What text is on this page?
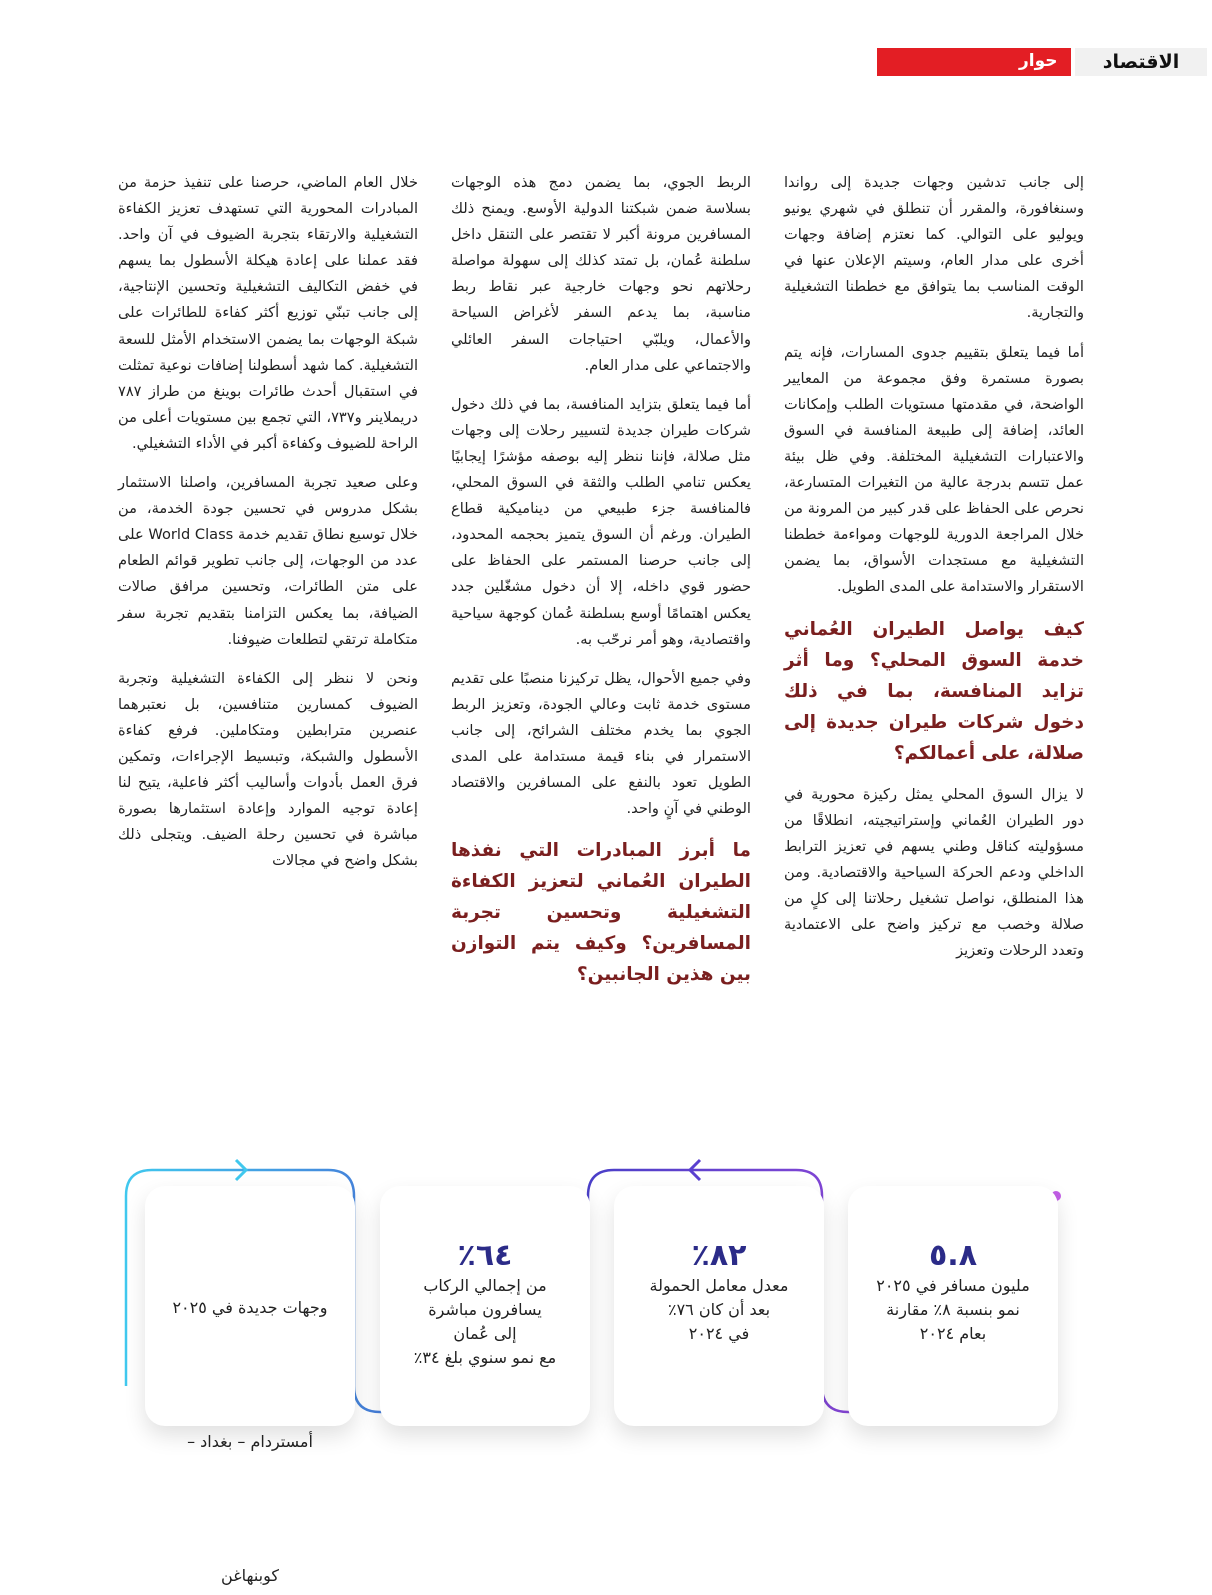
حوار	الاقتصاد

إلى جانب تدشين وجهات جديدة إلى رواندا وسنغافورة، والمقرر أن تنطلق في شهري يونيو ويوليو على التوالي. كما نعتزم إضافة وجهات أخرى على مدار العام، وسيتم الإعلان عنها في الوقت المناسب بما يتوافق مع خططنا التشغيلية والتجارية.

أما فيما يتعلق بتقييم جدوى المسارات، فإنه يتم بصورة مستمرة وفق مجموعة من المعايير الواضحة، في مقدمتها مستويات الطلب وإمكانات العائد، إضافة إلى طبيعة المنافسة في السوق والاعتبارات التشغيلية المختلفة. وفي ظل بيئة عمل تتسم بدرجة عالية من التغيرات المتسارعة، نحرص على الحفاظ على قدر كبير من المرونة من خلال المراجعة الدورية للوجهات ومواءمة خططنا التشغيلية مع مستجدات الأسواق، بما يضمن الاستقرار والاستدامة على المدى الطويل.

كيف يواصل الطيران العُماني خدمة السوق المحلي؟ وما أثر تزايد المنافسة، بما في ذلك دخول شركات طيران جديدة إلى صلالة، على أعمالكم؟

لا يزال السوق المحلي يمثل ركيزة محورية في دور الطيران العُماني وإستراتيجيته، انطلاقًا من مسؤوليته كناقل وطني يسهم في تعزيز الترابط الداخلي ودعم الحركة السياحية والاقتصادية. ومن هذا المنطلق، نواصل تشغيل رحلاتنا إلى كلٍ من صلالة وخصب مع تركيز واضح على الاعتمادية وتعدد الرحلات وتعزيز

الربط الجوي، بما يضمن دمج هذه الوجهات بسلاسة ضمن شبكتنا الدولية الأوسع. ويمنح ذلك المسافرين مرونة أكبر لا تقتصر على التنقل داخل سلطنة عُمان، بل تمتد كذلك إلى سهولة مواصلة رحلاتهم نحو وجهات خارجية عبر نقاط ربط مناسبة، بما يدعم السفر لأغراض السياحة والأعمال، ويلبّي احتياجات السفر العائلي والاجتماعي على مدار العام.

أما فيما يتعلق بتزايد المنافسة، بما في ذلك دخول شركات طيران جديدة لتسيير رحلات إلى وجهات مثل صلالة، فإننا ننظر إليه بوصفه مؤشرًا إيجابيًا يعكس تنامي الطلب والثقة في السوق المحلي، فالمنافسة جزء طبيعي من ديناميكية قطاع الطيران. ورغم أن السوق يتميز بحجمه المحدود، إلى جانب حرصنا المستمر على الحفاظ على حضور قوي داخله، إلا أن دخول مشغّلين جدد يعكس اهتمامًا أوسع بسلطنة عُمان كوجهة سياحية واقتصادية، وهو أمر نرحّب به.

وفي جميع الأحوال، يظل تركيزنا منصبًا على تقديم مستوى خدمة ثابت وعالي الجودة، وتعزيز الربط الجوي بما يخدم مختلف الشرائح، إلى جانب الاستمرار في بناء قيمة مستدامة على المدى الطويل تعود بالنفع على المسافرين والاقتصاد الوطني في آنٍ واحد.

ما أبرز المبادرات التي نفذها الطيران العُماني لتعزيز الكفاءة التشغيلية وتحسين تجربة المسافرين؟ وكيف يتم التوازن بين هذين الجانبين؟

خلال العام الماضي، حرصنا على تنفيذ حزمة من المبادرات المحورية التي تستهدف تعزيز الكفاءة التشغيلية والارتقاء بتجربة الضيوف في آن واحد. فقد عملنا على إعادة هيكلة الأسطول بما يسهم في خفض التكاليف التشغيلية وتحسين الإنتاجية، إلى جانب تبنّي توزيع أكثر كفاءة للطائرات على شبكة الوجهات بما يضمن الاستخدام الأمثل للسعة التشغيلية. كما شهد أسطولنا إضافات نوعية تمثلت في استقبال أحدث طائرات بوينغ من طراز ٧٨٧ دريملاينر و٧٣٧، التي تجمع بين مستويات أعلى من الراحة للضيوف وكفاءة أكبر في الأداء التشغيلي.

وعلى صعيد تجربة المسافرين، واصلنا الاستثمار بشكل مدروس في تحسين جودة الخدمة، من خلال توسيع نطاق تقديم خدمة World Class على عدد من الوجهات، إلى جانب تطوير قوائم الطعام على متن الطائرات، وتحسين مرافق صالات الضيافة، بما يعكس التزامنا بتقديم تجربة سفر متكاملة ترتقي لتطلعات ضيوفنا.

ونحن لا ننظر إلى الكفاءة التشغيلية وتجربة الضيوف كمسارين متنافسين، بل نعتبرهما عنصرين مترابطين ومتكاملين. فرفع كفاءة الأسطول والشبكة، وتبسيط الإجراءات، وتمكين فرق العمل بأدوات وأساليب أكثر فاعلية، يتيح لنا إعادة توجيه الموارد وإعادة استثمارها بصورة مباشرة في تحسين رحلة الضيف. ويتجلى ذلك بشكل واضح في مجالات

٥.٨
مليون مسافر في ٢٠٢٥
نمو بنسبة ٨٪ مقارنة
بعام ٢٠٢٤
٨٢٪
معدل معامل الحمولة
بعد أن كان ٧٦٪
في ٢٠٢٤
٦٤٪
من إجمالي الركاب
يسافرون مباشرة
إلى عُمان
مع نمو سنوي بلغ ٣٤٪
وجهات جديدة في ٢٠٢٥
أمستردام – بغداد –
كوبنهاغن
